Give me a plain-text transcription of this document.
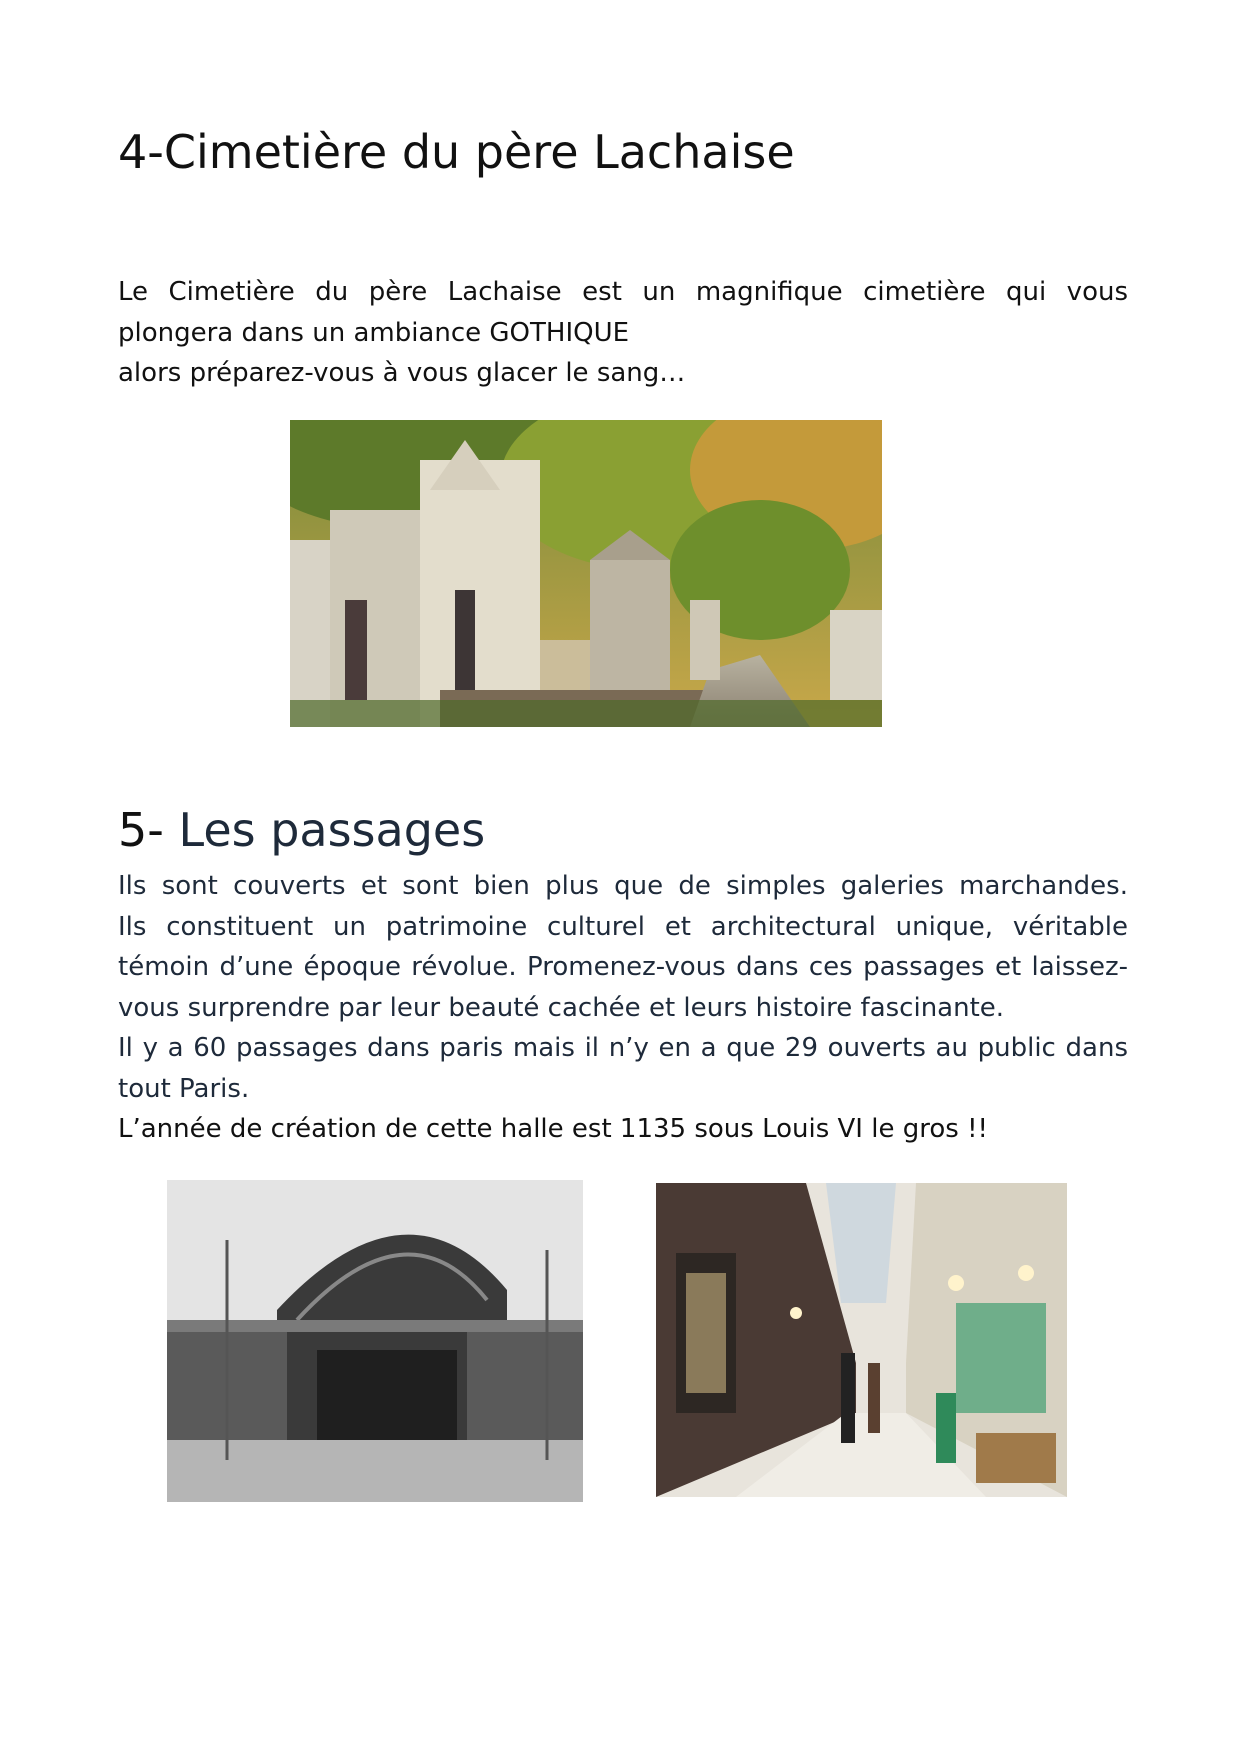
4-Cimetière du père Lachaise

Le Cimetière du père Lachaise est un magnifique cimetière qui vous
plongera dans un ambiance GOTHIQUE
alors préparez-vous à vous glacer le sang…

5- Les passages

Ils sont couverts et sont bien plus que de simples galeries marchandes.
Ils constituent un patrimoine culturel et architectural unique, véritable
témoin d’une époque révolue. Promenez-vous dans ces passages et laissez-
vous surprendre par leur beauté cachée et leurs histoire fascinante.
Il y a 60 passages dans paris mais il n’y en a que 29 ouverts au public dans
tout Paris.
L’année de création de cette halle est 1135 sous Louis VI le gros !!
